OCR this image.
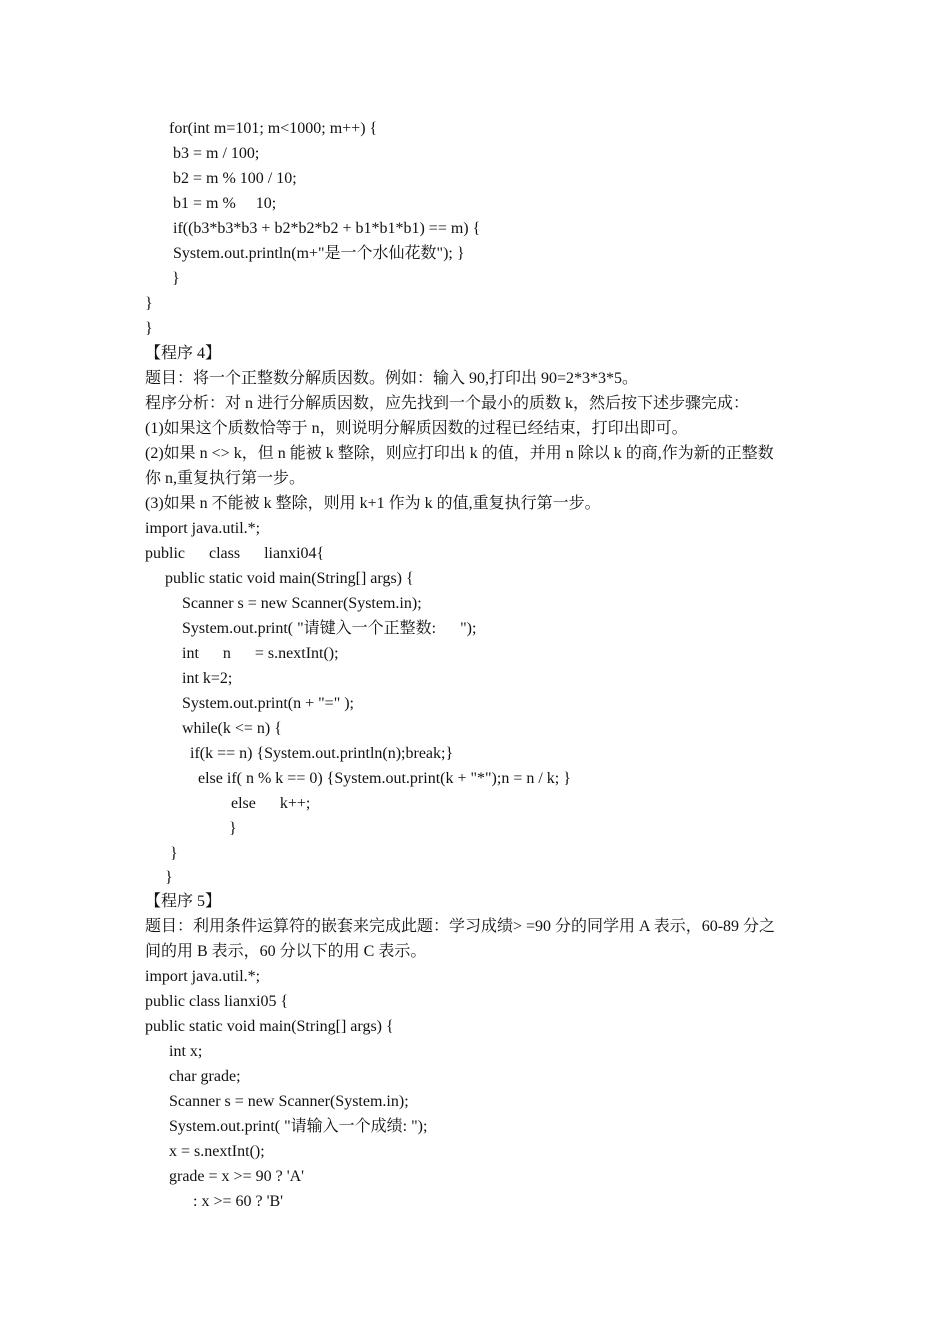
for(int m=101; m<1000; m++) {
b3 = m / 100;
b2 = m % 100 / 10;
b1 = m %     10;
if((b3*b3*b3 + b2*b2*b2 + b1*b1*b1) == m) {
System.out.println(m+"是一个水仙花数"); }
}
}
}
【程序 4】
题目：将一个正整数分解质因数。例如：输入 90,打印出 90=2*3*3*5。
程序分析：对 n 进行分解质因数，应先找到一个最小的质数 k，然后按下述步骤完成：
(1)如果这个质数恰等于 n，则说明分解质因数的过程已经结束，打印出即可。
(2)如果 n <> k，但 n 能被 k 整除，则应打印出 k 的值，并用 n 除以 k 的商,作为新的正整数
你 n,重复执行第一步。
(3)如果 n 不能被 k 整除，则用 k+1 作为 k 的值,重复执行第一步。
import java.util.*;
public      class      lianxi04{
public static void main(String[] args) {
Scanner s = new Scanner(System.in);
System.out.print( "请键入一个正整数:      ");
int      n      = s.nextInt();
int k=2;
System.out.print(n + "=" );
while(k <= n) {
if(k == n) {System.out.println(n);break;}
else if( n % k == 0) {System.out.print(k + "*");n = n / k; }
else      k++;
}
}
}
【程序 5】
题目：利用条件运算符的嵌套来完成此题：学习成绩> =90 分的同学用 A 表示，60-89 分之
间的用 B 表示，60 分以下的用 C 表示。
import java.util.*;
public class lianxi05 {
public static void main(String[] args) {
int x;
char grade;
Scanner s = new Scanner(System.in);
System.out.print( "请输入一个成绩: ");
x = s.nextInt();
grade = x >= 90 ? 'A'
: x >= 60 ? 'B'
